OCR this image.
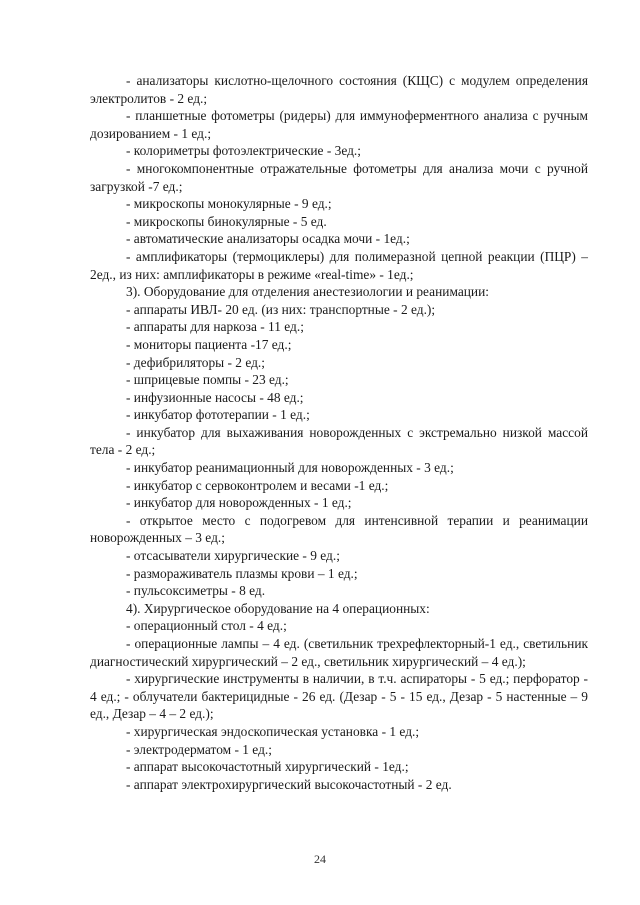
- анализаторы кислотно-щелочного состояния (КЩС) с модулем определения электролитов - 2 ед.;

- планшетные фотометры (ридеры) для иммуноферментного анализа с ручным дозированием - 1 ед.;

- колориметры фотоэлектрические - 3ед.;

- многокомпонентные отражательные фотометры для анализа мочи с ручной загрузкой -7 ед.;

- микроскопы монокулярные - 9 ед.;

- микроскопы бинокулярные - 5 ед.

- автоматические анализаторы осадка мочи - 1ед.;

- амплификаторы (термоциклеры) для полимеразной цепной реакции (ПЦР) – 2ед., из них: амплификаторы в режиме «real-time» - 1ед.;

3). Оборудование для отделения анестезиологии и реанимации:

- аппараты ИВЛ- 20 ед. (из них: транспортные - 2 ед.);

- аппараты для наркоза - 11 ед.;

- мониторы пациента -17 ед.;

- дефибриляторы - 2 ед.;

- шприцевые помпы - 23 ед.;

- инфузионные насосы - 48 ед.;

- инкубатор фототерапии - 1 ед.;

- инкубатор для выхаживания новорожденных с экстремально низкой массой тела - 2 ед.;

- инкубатор реанимационный для новорожденных - 3 ед.;

- инкубатор с сервоконтролем и весами -1 ед.;

- инкубатор для новорожденных - 1 ед.;

- открытое место с подогревом для интенсивной терапии и реанимации новорожденных – 3 ед.;

- отсасыватели хирургические - 9 ед.;

- размораживатель плазмы крови – 1 ед.;

- пульсоксиметры - 8 ед.

4). Хирургическое оборудование на 4 операционных:

- операционный стол - 4 ед.;

- операционные лампы – 4 ед. (светильник трехрефлекторный-1 ед., светильник диагностический хирургический – 2 ед., светильник хирургический – 4 ед.);

- хирургические инструменты в наличии, в т.ч. аспираторы - 5 ед.; перфоратор - 4 ед.; - облучатели бактерицидные - 26 ед. (Дезар - 5 - 15 ед., Дезар - 5 настенные – 9 ед., Дезар – 4 – 2 ед.);

- хирургическая эндоскопическая установка - 1 ед.;

- электродерматом - 1 ед.;

- аппарат высокочастотный хирургический - 1ед.;

- аппарат электрохирургический высокочастотный - 2 ед.

24
